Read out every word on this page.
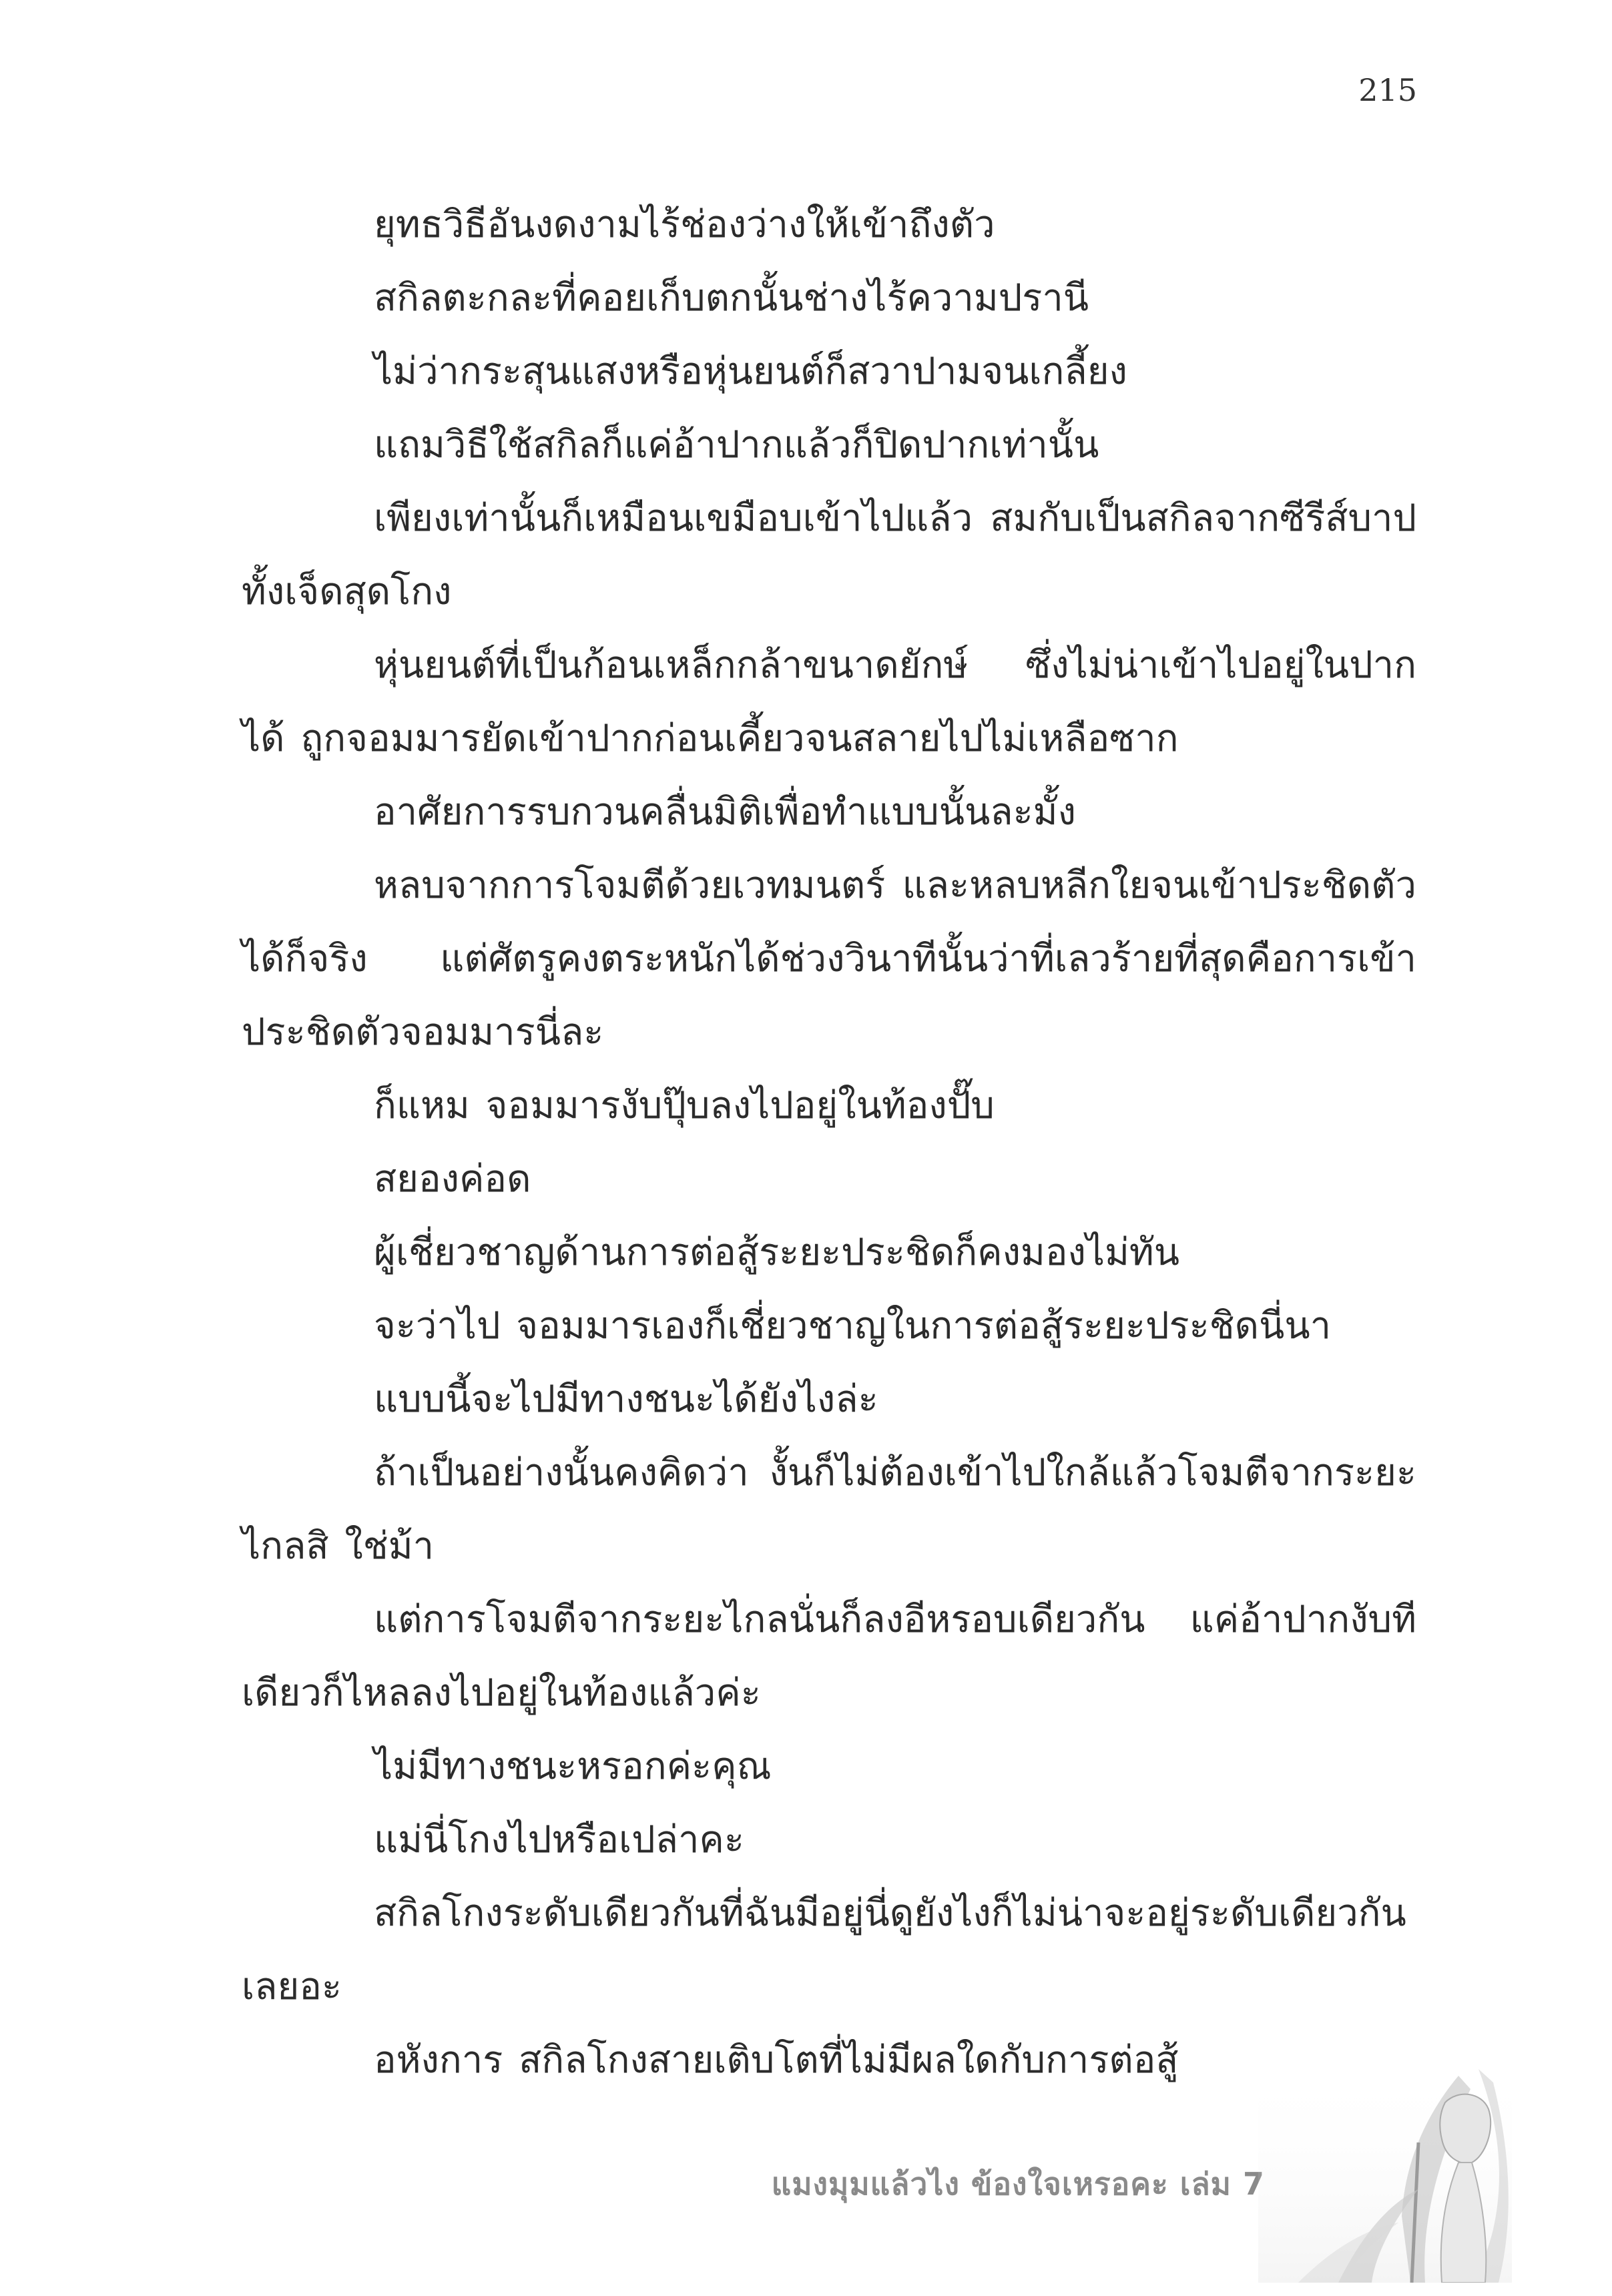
215

ยุทธวิธีอันงดงามไร้ช่องว่างให้เข้าถึงตัว

สกิลตะกละที่คอยเก็บตกนั้นช่างไร้ความปรานี

ไม่ว่ากระสุนแสงหรือหุ่นยนต์ก็สวาปามจนเกลี้ยง

แถมวิธีใช้สกิลก็แค่อ้าปากแล้วก็ปิดปากเท่านั้น

เพียงเท่านั้นก็เหมือนเขมือบเข้าไปแล้ว สมกับเป็นสกิลจากซีรีส์บาปทั้งเจ็ดสุดโกง

หุ่นยนต์ที่เป็นก้อนเหล็กกล้าขนาดยักษ์ ซึ่งไม่น่าเข้าไปอยู่ในปากได้ ถูกจอมมารยัดเข้าปากก่อนเคี้ยวจนสลายไปไม่เหลือซาก

อาศัยการรบกวนคลื่นมิติเพื่อทำแบบนั้นละมั้ง

หลบจากการโจมตีด้วยเวทมนตร์ และหลบหลีกใยจนเข้าประชิดตัวได้ก็จริง แต่ศัตรูคงตระหนักได้ช่วงวินาทีนั้นว่าที่เลวร้ายที่สุดคือการเข้าประชิดตัวจอมมารนี่ละ

ก็แหม จอมมารงับปุ๊บลงไปอยู่ในท้องปั๊บ

สยองค่อด

ผู้เชี่ยวชาญด้านการต่อสู้ระยะประชิดก็คงมองไม่ทัน

จะว่าไป จอมมารเองก็เชี่ยวชาญในการต่อสู้ระยะประชิดนี่นา

แบบนี้จะไปมีทางชนะได้ยังไงล่ะ

ถ้าเป็นอย่างนั้นคงคิดว่า งั้นก็ไม่ต้องเข้าไปใกล้แล้วโจมตีจากระยะไกลสิ ใช่ม้า

แต่การโจมตีจากระยะไกลนั่นก็ลงอีหรอบเดียวกัน แค่อ้าปากงับทีเดียวก็ไหลลงไปอยู่ในท้องแล้วค่ะ

ไม่มีทางชนะหรอกค่ะคุณ

แม่นี่โกงไปหรือเปล่าคะ

สกิลโกงระดับเดียวกันที่ฉันมีอยู่นี่ดูยังไงก็ไม่น่าจะอยู่ระดับเดียวกันเลยอะ

อหังการ สกิลโกงสายเติบโตที่ไม่มีผลใดกับการต่อสู้

แมงมุมแล้วไง ข้องใจเหรอคะ เล่ม 7
